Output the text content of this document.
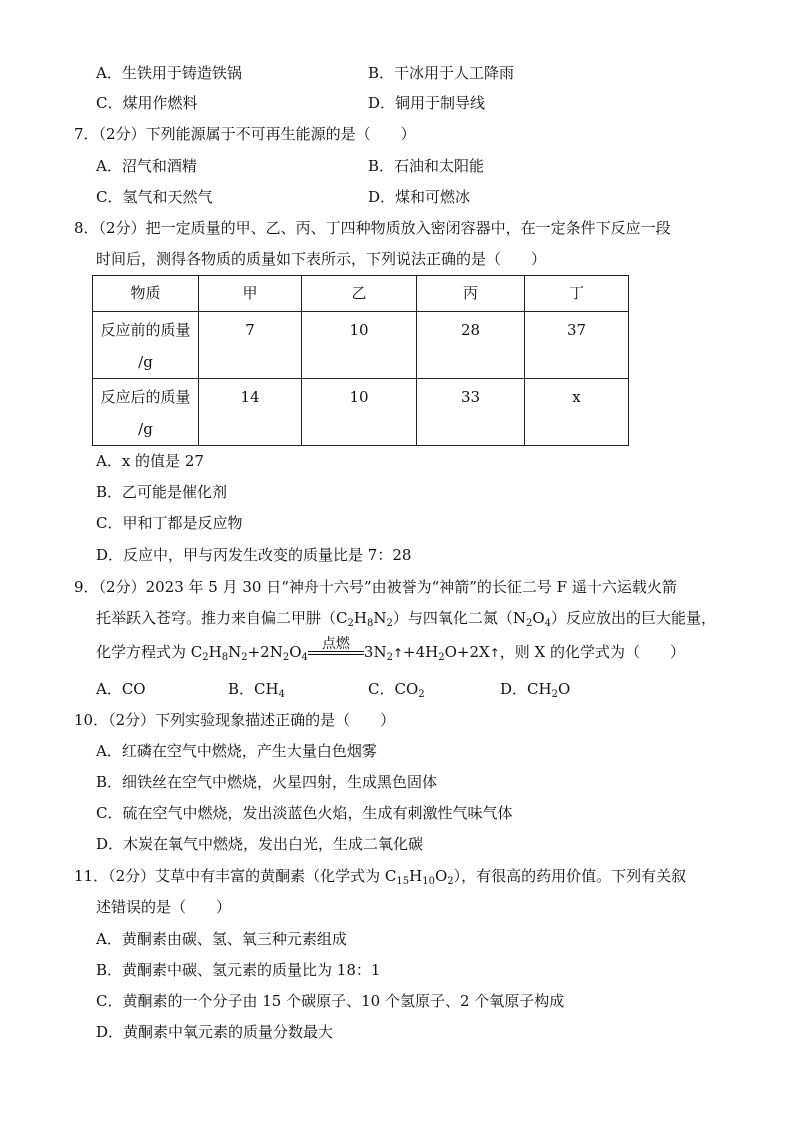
A．生铁用于铸造铁锅	B．干冰用于人工降雨
C．煤用作燃料	D．铜用于制导线
7．（2分）下列能源属于不可再生能源的是（　　）
A．沼气和酒精	B．石油和太阳能
C．氢气和天然气	D．煤和可燃冰
8．（2分）把一定质量的甲、乙、丙、丁四种物质放入密闭容器中，在一定条件下反应一段
时间后，测得各物质的质量如下表所示，下列说法正确的是（　　）
物质	甲	乙	丙	丁

反应前的质量
/g	7	10	28	37

反应后的质量
/g	14	10	33	x
A．x 的值是 27
B．乙可能是催化剂
C．甲和丁都是反应物
D．反应中，甲与丙发生改变的质量比是 7：28
9．（2分）2023 年 5 月 30 日“神舟十六号”由被誉为“神箭”的长征二号 F 遥十六运载火箭
托举跃入苍穹。推力来自偏二甲肼$(C_2H_8N_2)$与四氧化二氮$(N_2O_4)$反应放出的巨大能量，
化学方程式为 $C_2H_8N_2+2N_2O_4$
点燃 $3N_2↑+4H_2O+2X↑$，则 X 的化学式为（　　）
A．CO	B．$CH_4$	C．$CO_2$	D．$CH_2O$
10．（2分）下列实验现象描述正确的是（　　）
A．红磷在空气中燃烧，产生大量白色烟雾
B．细铁丝在空气中燃烧，火星四射，生成黑色固体
C．硫在空气中燃烧，发出淡蓝色火焰，生成有刺激性气味气体
D．木炭在氧气中燃烧，发出白光，生成二氧化碳
11．（2分）艾草中有丰富的黄酮素（化学式为 $C_{15}H_{10}O_2$），有很高的药用价值。下列有关叙
述错误的是（　　）
A．黄酮素由碳、氢、氧三种元素组成
B．黄酮素中碳、氢元素的质量比为 18：1
C．黄酮素的一个分子由 15 个碳原子、10 个氢原子、2 个氧原子构成
D．黄酮素中氧元素的质量分数最大
